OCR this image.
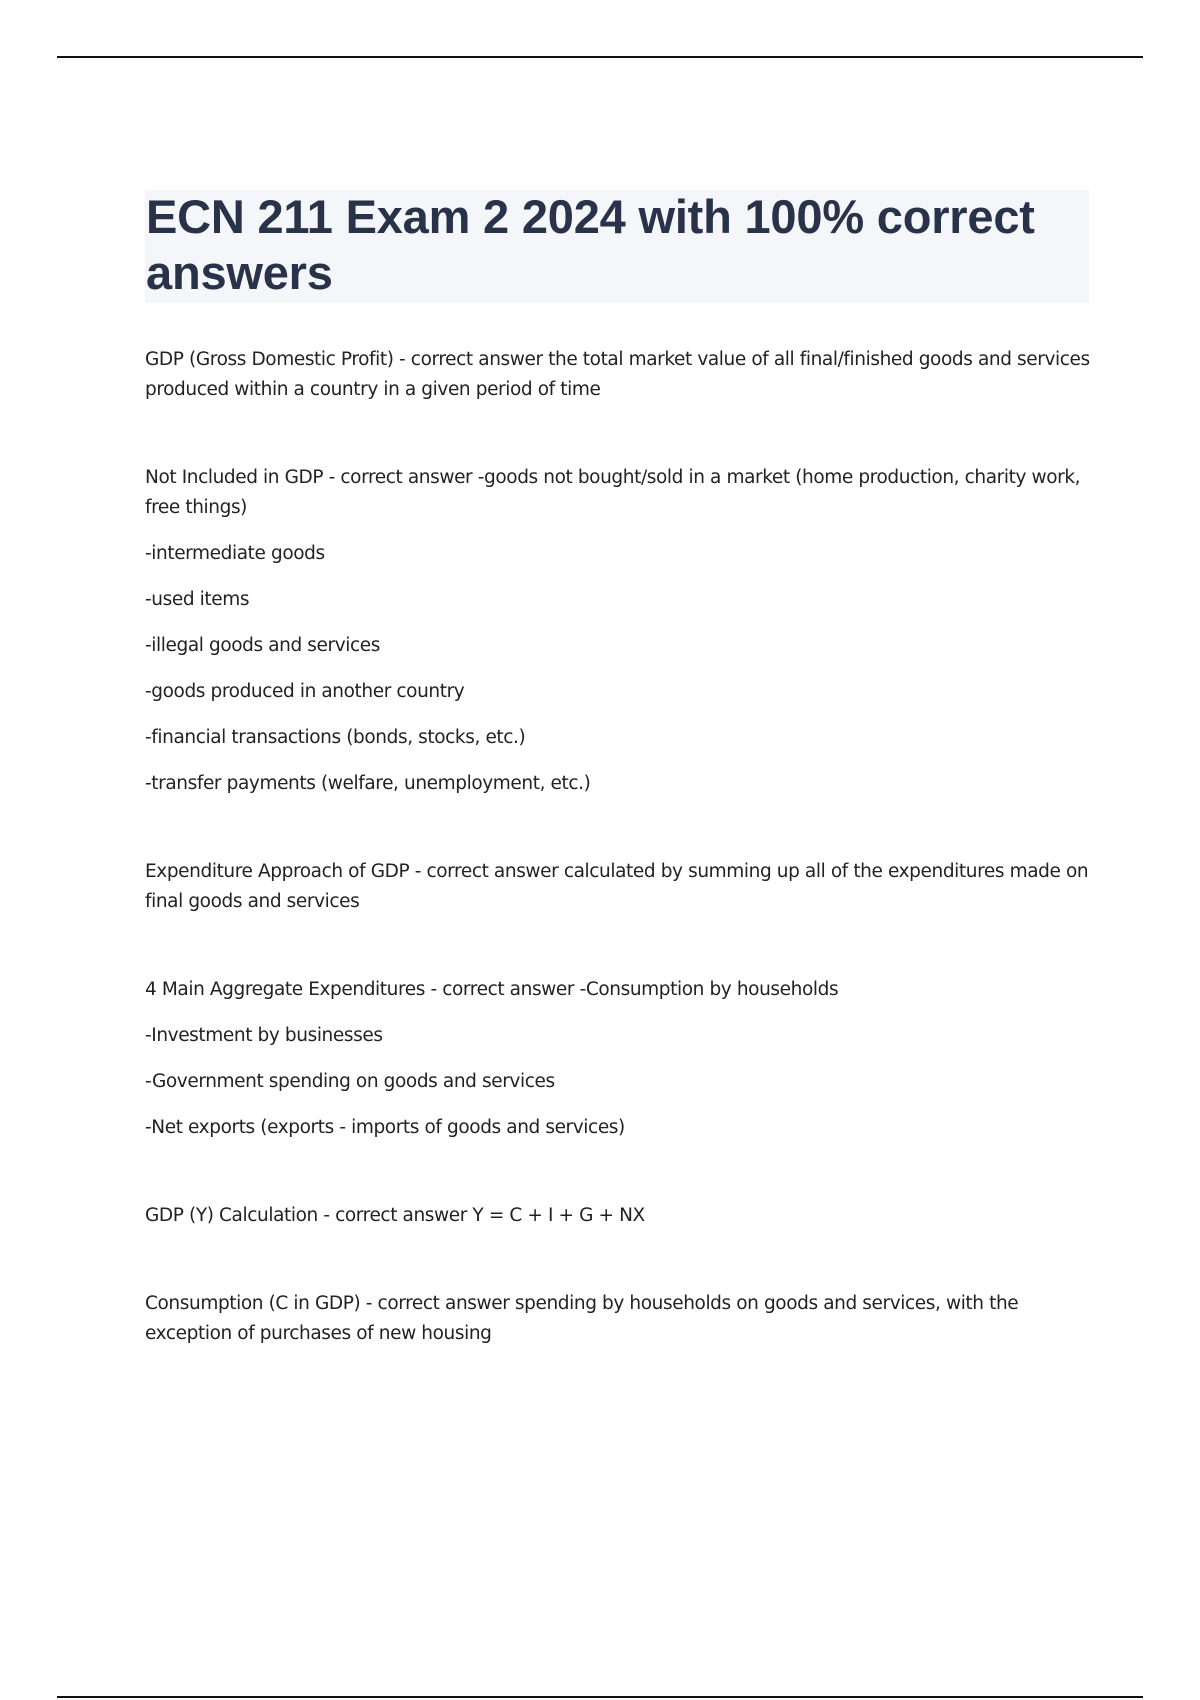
ECN 211 Exam 2 2024 with 100% correct answers

GDP (Gross Domestic Profit) - correct answer the total market value of all final/finished goods and services produced within a country in a given period of time

Not Included in GDP - correct answer -goods not bought/sold in a market (home production, charity work, free things)

-intermediate goods

-used items

-illegal goods and services

-goods produced in another country

-financial transactions (bonds, stocks, etc.)

-transfer payments (welfare, unemployment, etc.)

Expenditure Approach of GDP - correct answer calculated by summing up all of the expenditures made on final goods and services

4 Main Aggregate Expenditures - correct answer -Consumption by households

-Investment by businesses

-Government spending on goods and services

-Net exports (exports - imports of goods and services)

GDP (Y) Calculation - correct answer Y = C + I + G + NX

Consumption (C in GDP) - correct answer spending by households on goods and services, with the exception of purchases of new housing
